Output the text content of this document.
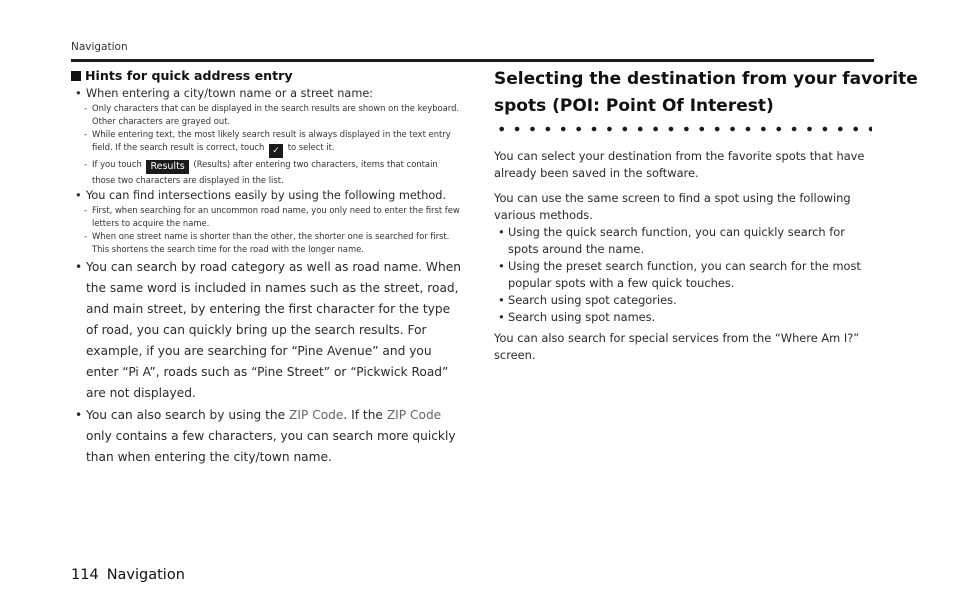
Navigation
Hints for quick address entry
• When entering a city/town name or a street name:
- Only characters that can be displayed in the search results are shown on the keyboard. Other characters are grayed out.
- While entering text, the most likely search result is always displayed in the text entry field. If the search result is correct, touch ✓ to select it.
- If you touch Results (Results) after entering two characters, items that contain those two characters are displayed in the list.
• You can find intersections easily by using the following method.
- First, when searching for an uncommon road name, you only need to enter the first few letters to acquire the name.
- When one street name is shorter than the other, the shorter one is searched for first. This shortens the search time for the road with the longer name.
• You can search by road category as well as road name. When the same word is included in names such as the street, road, and main street, by entering the first character for the type of road, you can quickly bring up the search results. For example, if you are searching for “Pine Avenue” and you enter “Pi A”, roads such as “Pine Street” or “Pickwick Road” are not displayed.
• You can also search by using the ZIP Code. If the ZIP Code only contains a few characters, you can search more quickly than when entering the city/town name.
Selecting the destination from your favorite
spots (POI: Point Of Interest)

You can select your destination from the favorite spots that have already been saved in the software.

You can use the same screen to find a spot using the following various methods.

• Using the quick search function, you can quickly search for spots around the name.
• Using the preset search function, you can search for the most popular spots with a few quick touches.
• Search using spot categories.
• Search using spot names.

You can also search for special services from the “Where Am I?” screen.

114 Navigation
